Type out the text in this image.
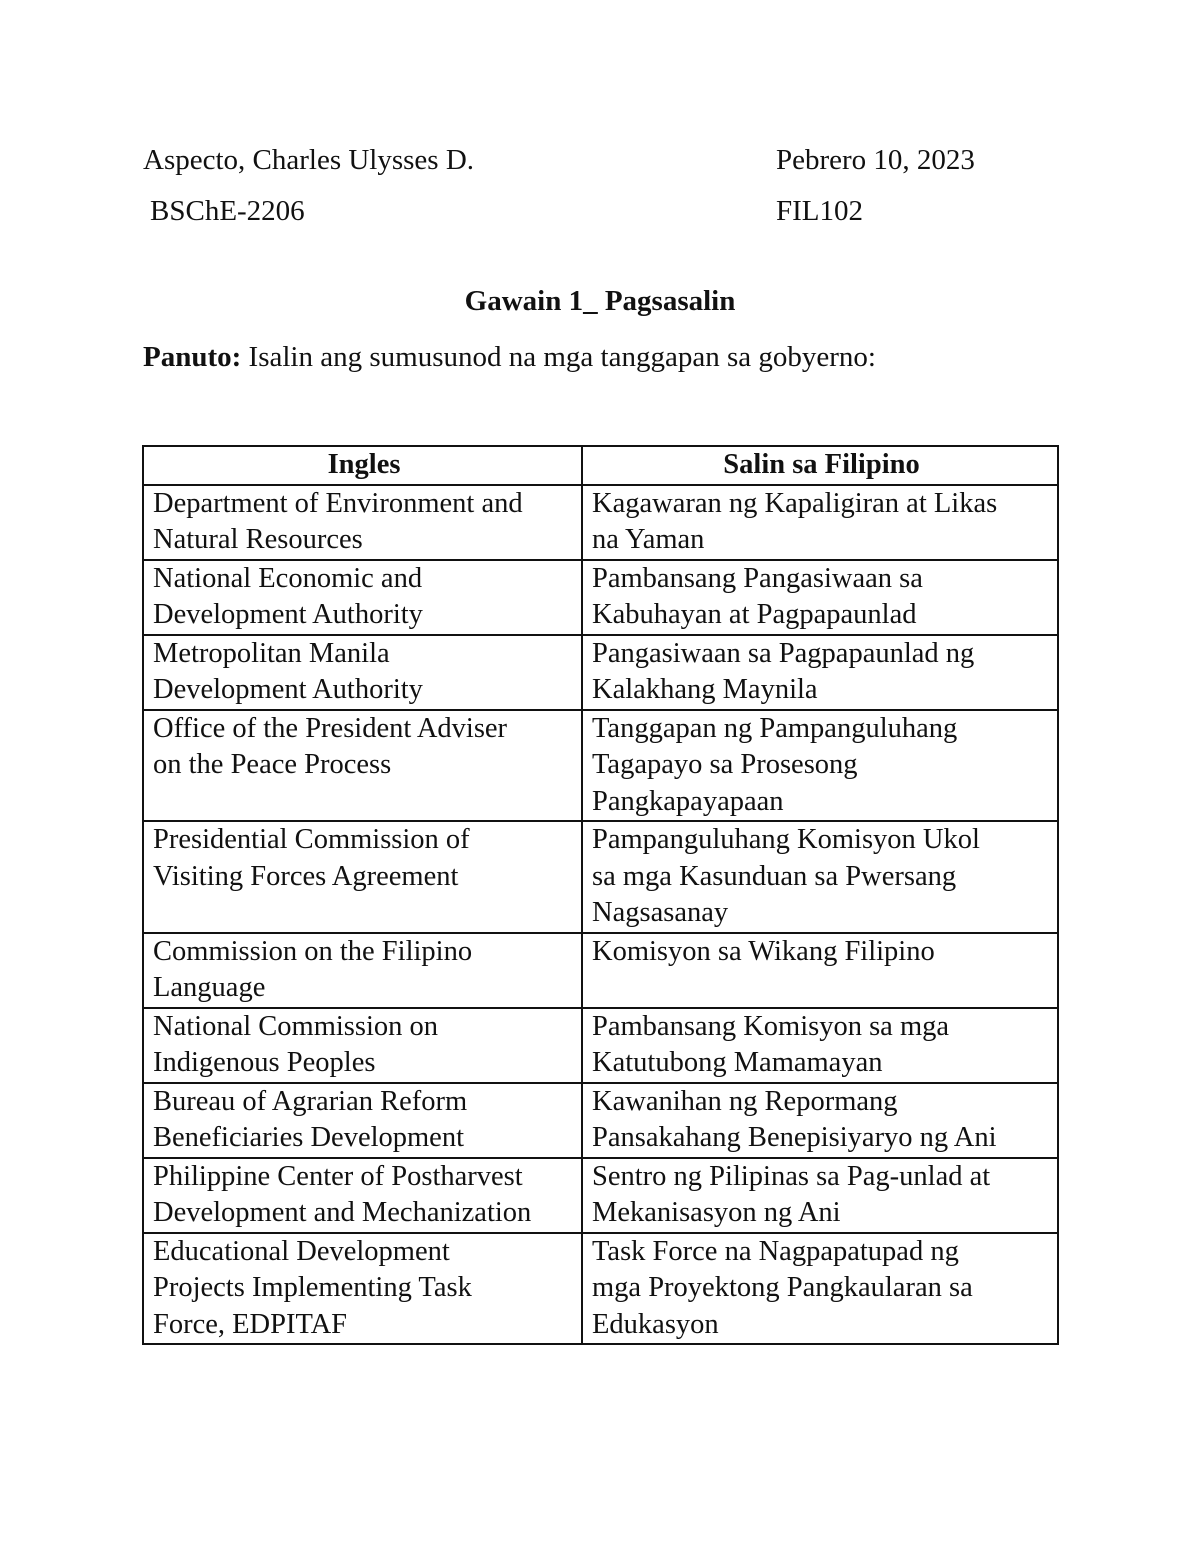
Aspecto, Charles Ulysses D.	Pebrero 10, 2023
BSChE-2206	FIL102
Gawain 1_ Pagsasalin
Panuto: Isalin ang sumusunod na mga tanggapan sa gobyerno:
Ingles	Salin sa Filipino

Department of Environment and
Natural Resources	Kagawaran ng Kapaligiran at Likas
na Yaman

National Economic and
Development Authority	Pambansang Pangasiwaan sa
Kabuhayan at Pagpapaunlad

Metropolitan Manila
Development Authority	Pangasiwaan sa Pagpapaunlad ng
Kalakhang Maynila

Office of the President Adviser
on the Peace Process	Tanggapan ng Pampanguluhang
Tagapayo sa Prosesong
Pangkapayapaan

Presidential Commission of
Visiting Forces Agreement	Pampanguluhang Komisyon Ukol
sa mga Kasunduan sa Pwersang
Nagsasanay

Commission on the Filipino
Language	Komisyon sa Wikang Filipino

National Commission on
Indigenous Peoples	Pambansang Komisyon sa mga
Katutubong Mamamayan

Bureau of Agrarian Reform
Beneficiaries Development	Kawanihan ng Repormang
Pansakahang Benepisiyaryo ng Ani

Philippine Center of Postharvest
Development and Mechanization	Sentro ng Pilipinas sa Pag-unlad at
Mekanisasyon ng Ani

Educational Development
Projects Implementing Task
Force, EDPITAF	Task Force na Nagpapatupad ng
mga Proyektong Pangkaularan sa
Edukasyon
